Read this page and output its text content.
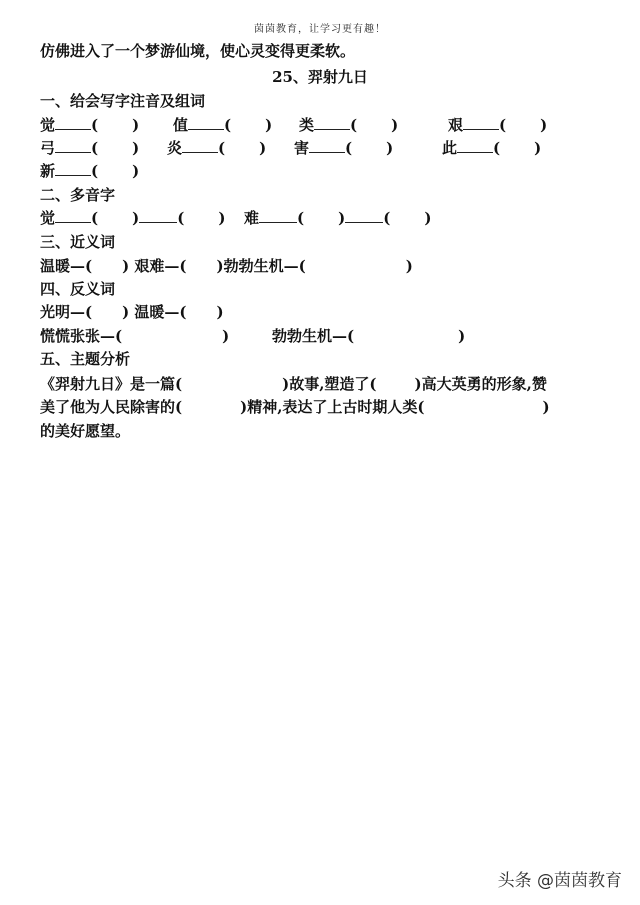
茵茵教育，让学习更有趣！
仿佛进入了一个梦游仙境，使心灵变得更柔软。
25、羿射九日
一、给会写字注音及组词
觉 ( ) 值 ( ) 类 ( )	艰 ( )
弓 ( ) 炎 ( ) 害 ( )	此 ( )
新 ( )
二、多音字
觉 ( )	( ) 难	( )	( )
三、近义词
温暖—( ) 艰难—( )勃勃生机—(	)
四、反义词
光明—( ) 温暖—( )
慌慌张张—(	)	勃勃生机—(	)
五、主题分析
《羿射九日》是一篇(	)故事,塑造了(	)高大英勇的形象,赞
美了他为人民除害的(	)精神,表达了上古时期人类(	)
的美好愿望。
头条 @茵茵教育
